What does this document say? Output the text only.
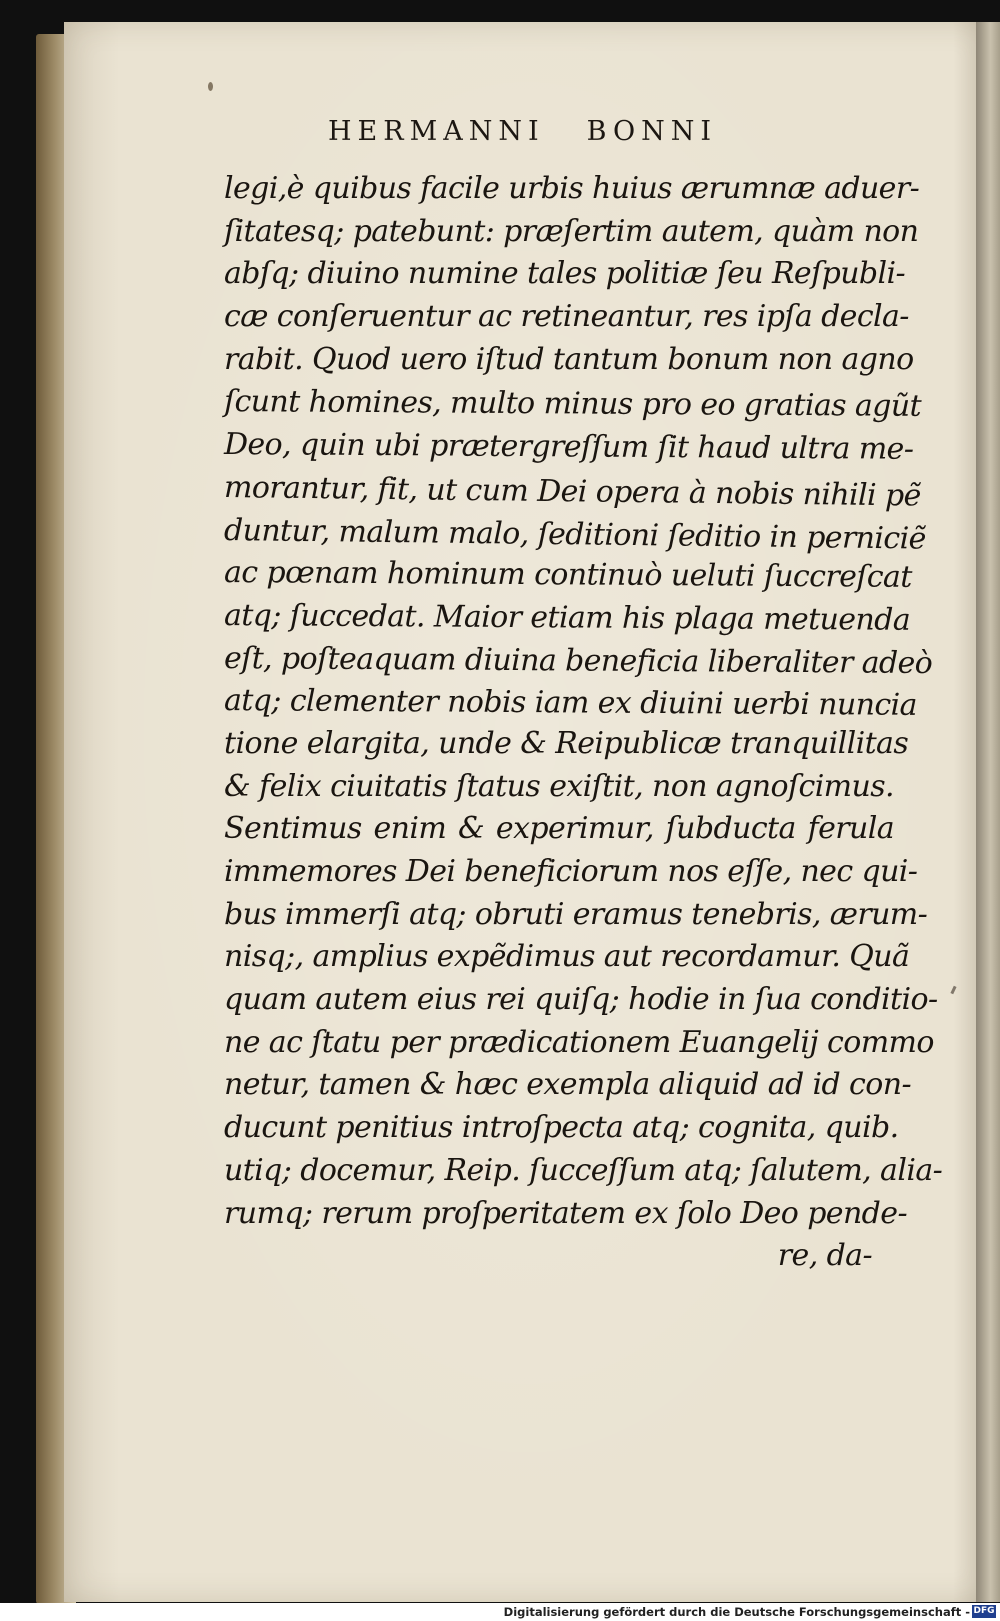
HERMANNI BONNI
legi,è quibus facile urbis huius ærumnæ aduer-
ſitatesq; patebunt: præſertim autem, quàm non
abſq; diuino numine tales politiæ ſeu Reſpubli-
cæ conſeruentur ac retineantur, res ipſa decla-
rabit. Quod uero iſtud tantum bonum non agno
ſcunt homines, multo minus pro eo gratias agũt
Deo, quin ubi prætergreſſum ſit haud ultra me-
morantur, fit, ut cum Dei opera à nobis nihili pẽ
duntur, malum malo, ſeditioni ſeditio in perniciẽ
ac pœnam hominum continuò ueluti ſuccreſcat
atq; ſuccedat. Maior etiam his plaga metuenda
eſt, poſteaquam diuina beneficia liberaliter adeò
atq; clementer nobis iam ex diuini uerbi nuncia
tione elargita, unde & Reipublicæ tranquillitas
& felix ciuitatis ſtatus exiſtit, non agnoſcimus.
Sentimus enim & experimur, ſubducta ferula
immemores Dei beneficiorum nos eſſe, nec qui-
bus immerſi atq; obruti eramus tenebris, ærum-
nisq;, amplius expẽdimus aut recordamur. Quã
quam autem eius rei quiſq; hodie in ſua conditio-
ne ac ſtatu per prædicationem Euangelij commo
netur, tamen & hæc exempla aliquid ad id con-
ducunt penitius introſpecta atq; cognita, quib.
utiq; docemur, Reip. ſucceſſum atq; ſalutem, alia-
rumq; rerum proſperitatem ex ſolo Deo pende-
re, da-
Digitalisierung gefördert durch die Deutsche Forschungsgemeinschaft - DFG
